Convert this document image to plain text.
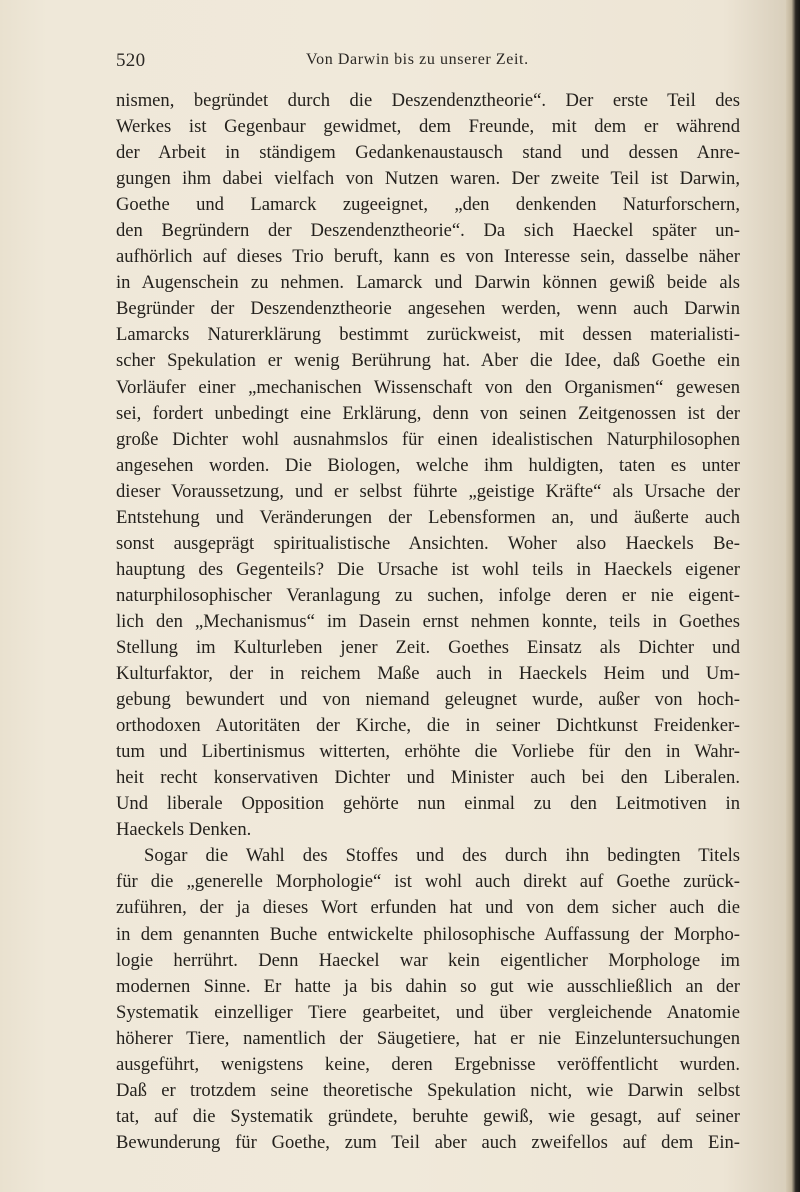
520	Von Darwin bis zu unserer Zeit.
nismen, begründet durch die Deszendenztheorie“. Der erste Teil des
Werkes ist Gegenbaur gewidmet, dem Freunde, mit dem er während
der Arbeit in ständigem Gedankenaustausch stand und dessen Anre-
gungen ihm dabei vielfach von Nutzen waren. Der zweite Teil ist Darwin,
Goethe und Lamarck zugeeignet, „den denkenden Naturforschern,
den Begründern der Deszendenztheorie“. Da sich Haeckel später un-
aufhörlich auf dieses Trio beruft, kann es von Interesse sein, dasselbe näher
in Augenschein zu nehmen. Lamarck und Darwin können gewiß beide als
Begründer der Deszendenztheorie angesehen werden, wenn auch Darwin
Lamarcks Naturerklärung bestimmt zurückweist, mit dessen materialisti-
scher Spekulation er wenig Berührung hat. Aber die Idee, daß Goethe ein
Vorläufer einer „mechanischen Wissenschaft von den Organismen“ gewesen
sei, fordert unbedingt eine Erklärung, denn von seinen Zeitgenossen ist der
große Dichter wohl ausnahmslos für einen idealistischen Naturphilosophen
angesehen worden. Die Biologen, welche ihm huldigten, taten es unter
dieser Voraussetzung, und er selbst führte „geistige Kräfte“ als Ursache der
Entstehung und Veränderungen der Lebensformen an, und äußerte auch
sonst ausgeprägt spiritualistische Ansichten. Woher also Haeckels Be-
hauptung des Gegenteils? Die Ursache ist wohl teils in Haeckels eigener
naturphilosophischer Veranlagung zu suchen, infolge deren er nie eigent-
lich den „Mechanismus“ im Dasein ernst nehmen konnte, teils in Goethes
Stellung im Kulturleben jener Zeit. Goethes Einsatz als Dichter und
Kulturfaktor, der in reichem Maße auch in Haeckels Heim und Um-
gebung bewundert und von niemand geleugnet wurde, außer von hoch-
orthodoxen Autoritäten der Kirche, die in seiner Dichtkunst Freidenker-
tum und Libertinismus witterten, erhöhte die Vorliebe für den in Wahr-
heit recht konservativen Dichter und Minister auch bei den Liberalen.
Und liberale Opposition gehörte nun einmal zu den Leitmotiven in
Haeckels Denken.
Sogar die Wahl des Stoffes und des durch ihn bedingten Titels
für die „generelle Morphologie“ ist wohl auch direkt auf Goethe zurück-
zuführen, der ja dieses Wort erfunden hat und von dem sicher auch die
in dem genannten Buche entwickelte philosophische Auffassung der Morpho-
logie herrührt. Denn Haeckel war kein eigentlicher Morphologe im
modernen Sinne. Er hatte ja bis dahin so gut wie ausschließlich an der
Systematik einzelliger Tiere gearbeitet, und über vergleichende Anatomie
höherer Tiere, namentlich der Säugetiere, hat er nie Einzeluntersuchungen
ausgeführt, wenigstens keine, deren Ergebnisse veröffentlicht wurden.
Daß er trotzdem seine theoretische Spekulation nicht, wie Darwin selbst
tat, auf die Systematik gründete, beruhte gewiß, wie gesagt, auf seiner
Bewunderung für Goethe, zum Teil aber auch zweifellos auf dem Ein-
